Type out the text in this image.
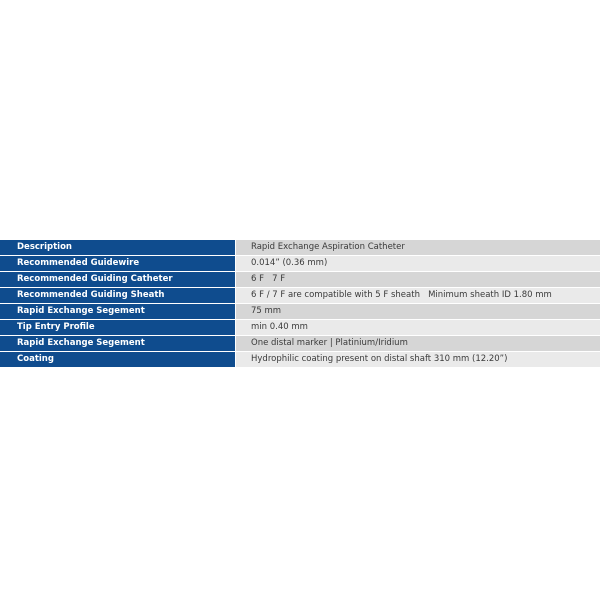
Description	Rapid Exchange Aspiration Catheter
Recommended Guidewire	0.014” (0.36 mm)
Recommended Guiding Catheter	6 F   7 F
Recommended Guiding Sheath	6 F / 7 F are compatible with 5 F sheath   Minimum sheath ID 1.80 mm
Rapid Exchange Segement	75 mm
Tip Entry Profile	min 0.40 mm
Rapid Exchange Segement	One distal marker | Platinium/Iridium
Coating	Hydrophilic coating present on distal shaft 310 mm (12.20”)
